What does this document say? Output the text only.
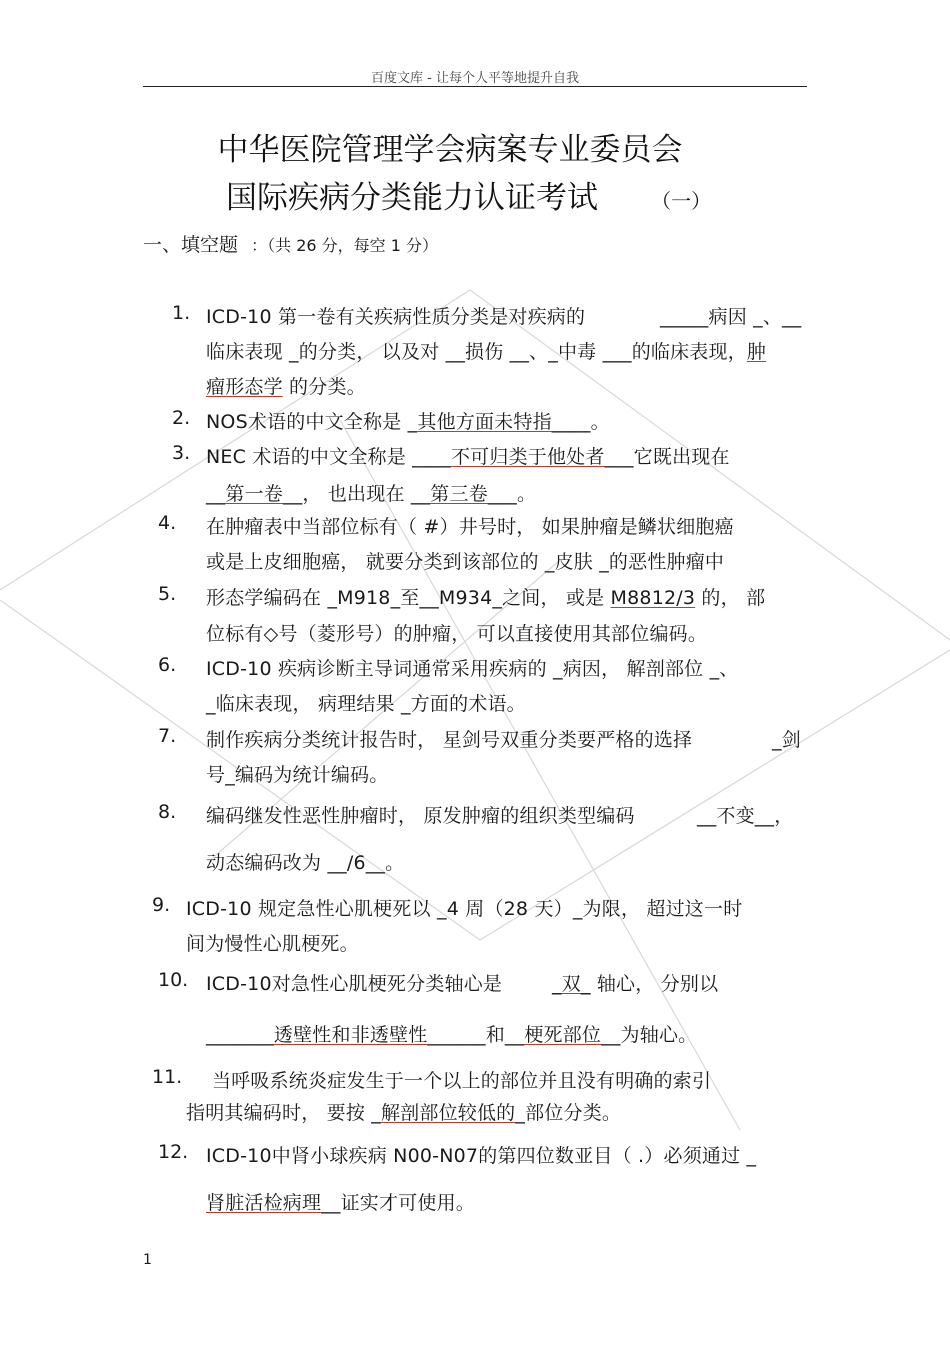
百度文库 - 让每个人平等地提升自我
中华医院管理学会病案专业委员会
国际疾病分类能力认证考试	（一）
一、填空题 ：（共 26 分，每空 1 分）
1. ICD-10 第一卷有关疾病性质分类是对疾病的	_____病因 _、__
临床表现 _的分类， 以及对 __损伤 __、_中毒 ___的临床表现，肿
瘤形态学 的分类。
2. NOS术语的中文全称是 _其他方面未特指____。
3. NEC 术语的中文全称是 ____不可归类于他处者___它既出现在
__第一卷__， 也出现在 __第三卷___。
4. 在肿瘤表中当部位标有（ #）井号时， 如果肿瘤是鳞状细胞癌
或是上皮细胞癌， 就要分类到该部位的 _皮肤 _的恶性肿瘤中
5. 形态学编码在 _M918_至__M934_之间， 或是 M8812/3 的， 部
位标有◇号（菱形号）的肿瘤， 可以直接使用其部位编码。
6. ICD-10 疾病诊断主导词通常采用疾病的 _病因， 解剖部位 _、
_临床表现， 病理结果 _方面的术语。
7. 制作疾病分类统计报告时， 星剑号双重分类要严格的选择	_剑
号_编码为统计编码。
8. 编码继发性恶性肿瘤时， 原发肿瘤的组织类型编码	__不变__，
动态编码改为 __/6__。
9. ICD-10 规定急性心肌梗死以 _4 周（28 天）_为限， 超过这一时
间为慢性心肌梗死。
10. ICD-10对急性心肌梗死分类轴心是	_双_ 轴心， 分别以
_______透壁性和非透壁性______和__梗死部位__为轴心。
11. 当呼吸系统炎症发生于一个以上的部位并且没有明确的索引
指明其编码时， 要按 _解剖部位较低的_部位分类。
12. ICD-10中肾小球疾病 N00-N07的第四位数亚目（ .）必须通过 _
肾脏活检病理__证实才可使用。
1
